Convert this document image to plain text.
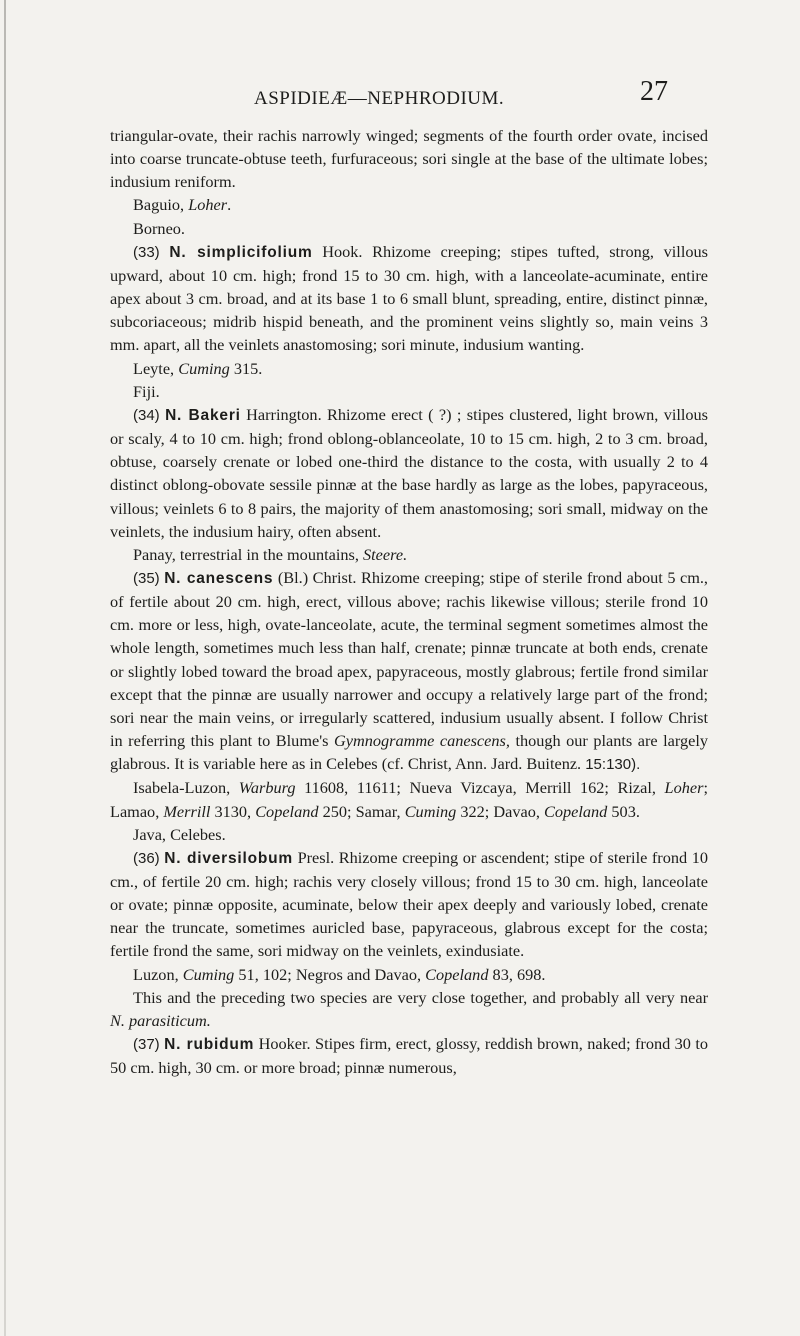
ASPIDIEÆ—NEPHRODIUM.	27

triangular-ovate, their rachis narrowly winged; segments of the fourth order ovate, incised into coarse truncate-obtuse teeth, furfuraceous; sori single at the base of the ultimate lobes; indusium reniform.

Baguio, Loher.

Borneo.

(33) N. simplicifolium Hook. Rhizome creeping; stipes tufted, strong, villous upward, about 10 cm. high; frond 15 to 30 cm. high, with a lanceolate-acuminate, entire apex about 3 cm. broad, and at its base 1 to 6 small blunt, spreading, entire, distinct pinnæ, subcoriaceous; midrib hispid beneath, and the prominent veins slightly so, main veins 3 mm. apart, all the veinlets anastomosing; sori minute, indusium wanting.

Leyte, Cuming 315.

Fiji.

(34) N. Bakeri Harrington. Rhizome erect ( ?) ; stipes clustered, light brown, villous or scaly, 4 to 10 cm. high; frond oblong-oblanceolate, 10 to 15 cm. high, 2 to 3 cm. broad, obtuse, coarsely crenate or lobed one-third the distance to the costa, with usually 2 to 4 distinct oblong-obovate sessile pinnæ at the base hardly as large as the lobes, papyraceous, villous; veinlets 6 to 8 pairs, the majority of them anastomosing; sori small, midway on the veinlets, the indusium hairy, often absent.

Panay, terrestrial in the mountains, Steere.

(35) N. canescens (Bl.) Christ. Rhizome creeping; stipe of sterile frond about 5 cm., of fertile about 20 cm. high, erect, villous above; rachis likewise villous; sterile frond 10 cm. more or less, high, ovate-lanceolate, acute, the terminal segment sometimes almost the whole length, sometimes much less than half, crenate; pinnæ truncate at both ends, crenate or slightly lobed toward the broad apex, papyraceous, mostly glabrous; fertile frond similar except that the pinnæ are usually narrower and occupy a relatively large part of the frond; sori near the main veins, or irregularly scattered, indusium usually absent. I follow Christ in referring this plant to Blume's Gymnogramme canescens, though our plants are largely glabrous. It is variable here as in Celebes (cf. Christ, Ann. Jard. Buitenz. 15:130).

Isabela-Luzon, Warburg 11608, 11611; Nueva Vizcaya, Merrill 162; Rizal, Loher; Lamao, Merrill 3130, Copeland 250; Samar, Cuming 322; Davao, Copeland 503.

Java, Celebes.

(36) N. diversilobum Presl. Rhizome creeping or ascendent; stipe of sterile frond 10 cm., of fertile 20 cm. high; rachis very closely villous; frond 15 to 30 cm. high, lanceolate or ovate; pinnæ opposite, acuminate, below their apex deeply and variously lobed, crenate near the truncate, sometimes auricled base, papyraceous, glabrous except for the costa; fertile frond the same, sori midway on the veinlets, exindusiate.

Luzon, Cuming 51, 102; Negros and Davao, Copeland 83, 698.

This and the preceding two species are very close together, and probably all very near N. parasiticum.

(37) N. rubidum Hooker. Stipes firm, erect, glossy, reddish brown, naked; frond 30 to 50 cm. high, 30 cm. or more broad; pinnæ numerous,
